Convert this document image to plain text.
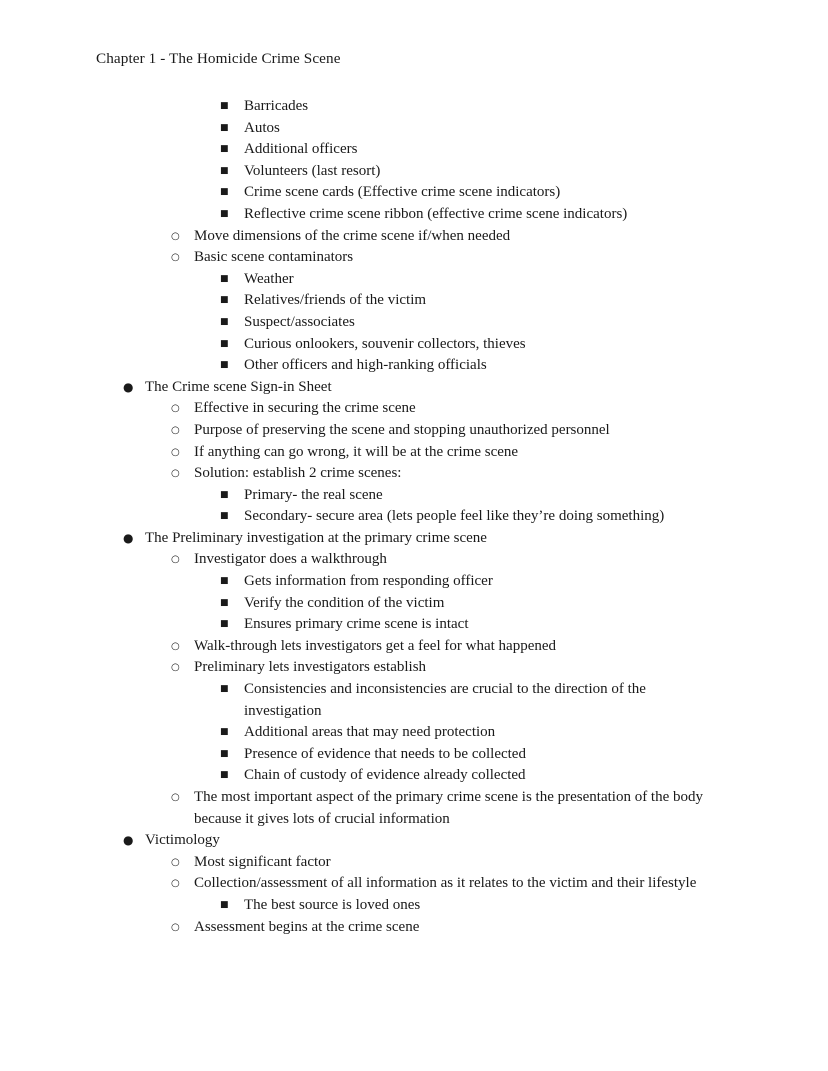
Chapter 1 - The Homicide Crime Scene
■ Barricades
■ Autos
■ Additional officers
■ Volunteers (last resort)
■ Crime scene cards (Effective crime scene indicators)
■ Reflective crime scene ribbon (effective crime scene indicators)
○ Move dimensions of the crime scene if/when needed
○ Basic scene contaminators
■ Weather
■ Relatives/friends of the victim
■ Suspect/associates
■ Curious onlookers, souvenir collectors, thieves
■ Other officers and high-ranking officials
● The Crime scene Sign-in Sheet
○ Effective in securing the crime scene
○ Purpose of preserving the scene and stopping unauthorized personnel
○ If anything can go wrong, it will be at the crime scene
○ Solution: establish 2 crime scenes:
■ Primary- the real scene
■ Secondary- secure area (lets people feel like they’re doing something)
● The Preliminary investigation at the primary crime scene
○ Investigator does a walkthrough
■ Gets information from responding officer
■ Verify the condition of the victim
■ Ensures primary crime scene is intact
○ Walk-through lets investigators get a feel for what happened
○ Preliminary lets investigators establish
■ Consistencies and inconsistencies are crucial to the direction of the investigation
■ Additional areas that may need protection
■ Presence of evidence that needs to be collected
■ Chain of custody of evidence already collected
○ The most important aspect of the primary crime scene is the presentation of the body because it gives lots of crucial information
● Victimology
○ Most significant factor
○ Collection/assessment of all information as it relates to the victim and their lifestyle
■ The best source is loved ones
○ Assessment begins at the crime scene
